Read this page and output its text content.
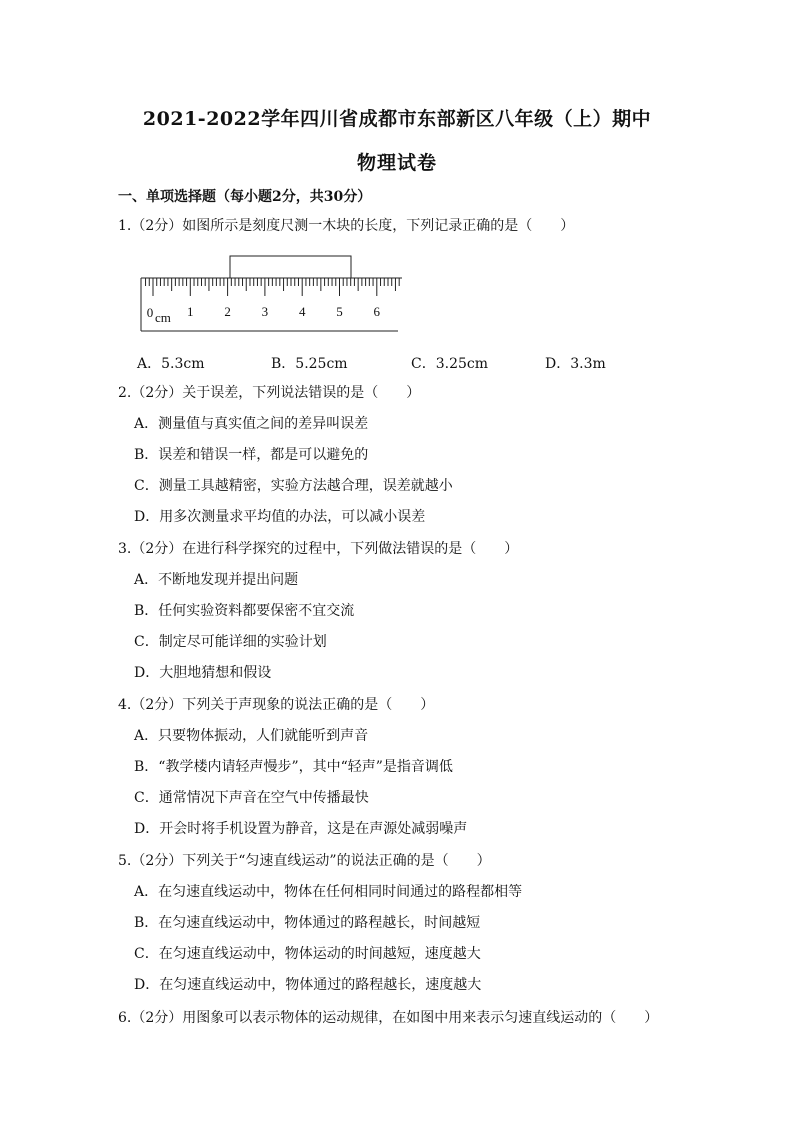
2021-2022学年四川省成都市东部新区八年级（上）期中
物理试卷
一、单项选择题（每小题2分，共30分）
1.（2分）如图所示是刻度尺测一木块的长度，下列记录正确的是（　　）
0 cm 1 2 3 4 5 6
A．5.3cm	B．5.25cm	C．3.25cm	D．3.3m
2.（2分）关于误差，下列说法错误的是（　　）
A．测量值与真实值之间的差异叫误差
B．误差和错误一样，都是可以避免的
C．测量工具越精密，实验方法越合理，误差就越小
D．用多次测量求平均值的办法，可以减小误差
3.（2分）在进行科学探究的过程中，下列做法错误的是（　　）
A．不断地发现并提出问题
B．任何实验资料都要保密不宜交流
C．制定尽可能详细的实验计划
D．大胆地猜想和假设
4.（2分）下列关于声现象的说法正确的是（　　）
A．只要物体振动，人们就能听到声音
B．“教学楼内请轻声慢步”，其中“轻声”是指音调低
C．通常情况下声音在空气中传播最快
D．开会时将手机设置为静音，这是在声源处减弱噪声
5.（2分）下列关于“匀速直线运动”的说法正确的是（　　）
A．在匀速直线运动中，物体在任何相同时间通过的路程都相等
B．在匀速直线运动中，物体通过的路程越长，时间越短
C．在匀速直线运动中，物体运动的时间越短，速度越大
D．在匀速直线运动中，物体通过的路程越长，速度越大
6.（2分）用图象可以表示物体的运动规律，在如图中用来表示匀速直线运动的（　　）
